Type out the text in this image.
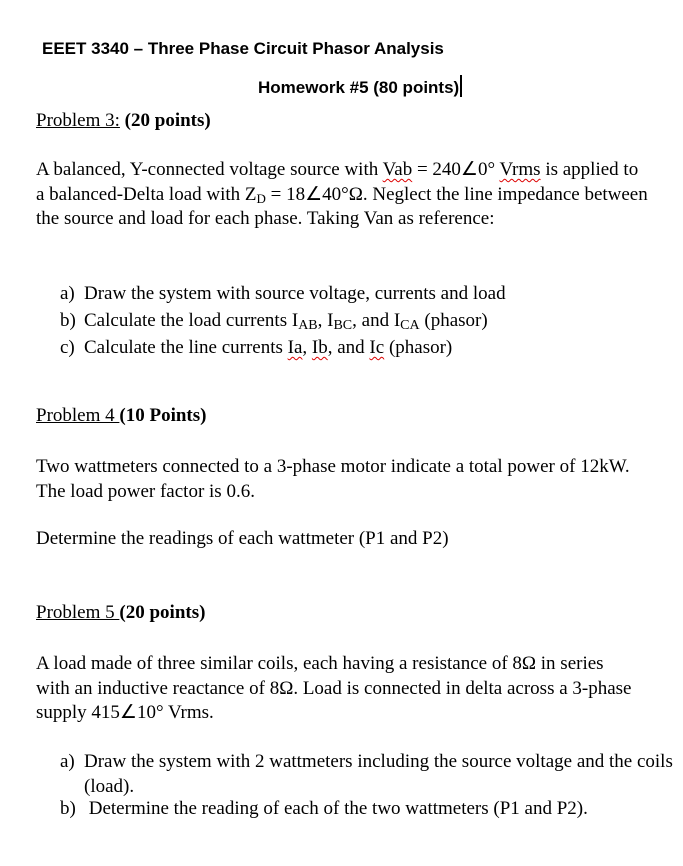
EEET 3340 – Three Phase Circuit Phasor Analysis
Homework #5 (80 points)
Problem 3: (20 points)
A balanced, Y-connected voltage source with Vab = 240∠0° Vrms is applied to a balanced-Delta load with $Z_D$ = 18∠40°Ω. Neglect the line impedance between the source and load for each phase. Taking Van as reference:
a) Draw the system with source voltage, currents and load
b) Calculate the load currents $I_{AB}$, $I_{BC}$, and $I_{CA}$ (phasor)
c) Calculate the line currents Ia, Ib, and Ic (phasor)
Problem 4 (10 Points)
Two wattmeters connected to a 3-phase motor indicate a total power of 12kW. The load power factor is 0.6.
Determine the readings of each wattmeter (P1 and P2)
Problem 5 (20 points)
A load made of three similar coils, each having a resistance of 8Ω in series with an inductive reactance of 8Ω. Load is connected in delta across a 3-phase supply 415∠10° Vrms.
a) Draw the system with 2 wattmeters including the source voltage and the coils (load).
b) Determine the reading of each of the two wattmeters (P1 and P2).
